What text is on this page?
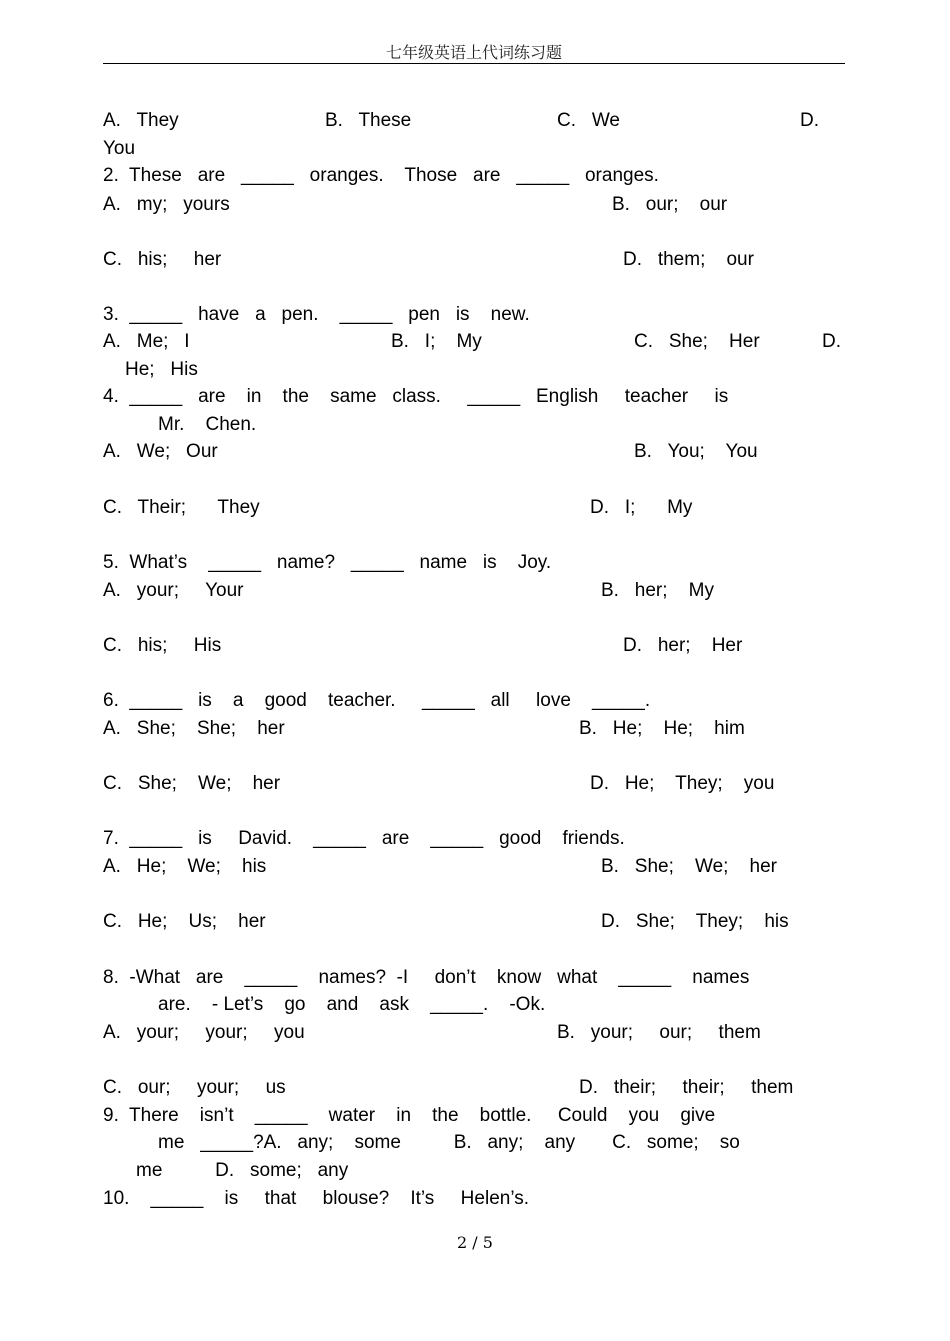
七年级英语上代词练习题
A.   They	B.   These	C.   We	D.
You
2.  These   are   _____   oranges.    Those   are   _____   oranges.
A.   my;   yours	B.   our;    our
C.   his;     her	D.   them;    our
3.  _____   have   a   pen.    _____   pen   is    new.
A.   Me;   I	B.   I;    My	C.   She;    Her	D.
He;   His
4.  _____   are    in    the    same   class.     _____   English     teacher     is
Mr.    Chen.
A.   We;   Our	B.   You;    You
C.   Their;      They	D.   I;      My
5.  What’s    _____   name?   _____   name   is    Joy.
A.   your;     Your	B.   her;    My
C.   his;     His	D.   her;    Her
6.  _____   is    a    good    teacher.     _____   all     love    _____.
A.   She;    She;    her	B.   He;    He;    him
C.   She;    We;    her	D.   He;    They;    you
7.  _____   is     David.    _____   are    _____   good    friends.
A.   He;    We;    his	B.   She;    We;    her
C.   He;    Us;    her	D.   She;    They;    his
8.  -What   are    _____    names?  -I     don’t    know   what    _____    names
are.    - Let’s    go    and    ask    _____.    -Ok.
A.   your;     your;     you	B.   your;     our;     them
C.   our;     your;     us	D.   their;     their;     them
9.  There    isn’t    _____    water    in    the    bottle.     Could    you    give
me   _____?A.   any;    some          B.   any;    any       C.   some;    so
me          D.   some;   any
10.    _____    is     that     blouse?    It’s     Helen’s.
2 / 5
